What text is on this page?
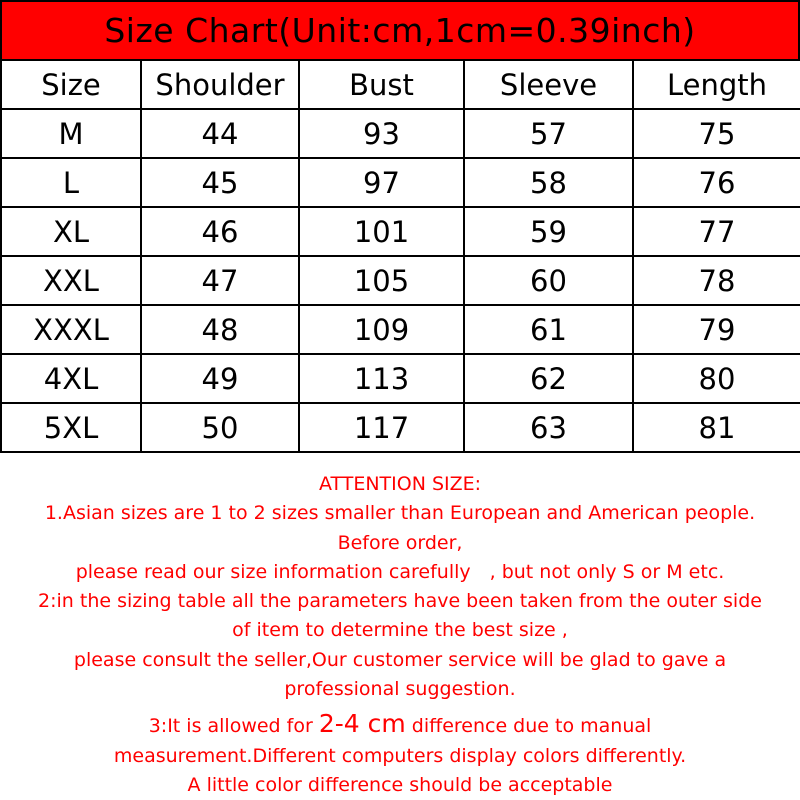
Size Chart(Unit:cm,1cm=0.39inch)
Size	Shoulder	Bust	Sleeve	Length
M	44	93	57	75
L	45	97	58	76
XL	46	101	59	77
XXL	47	105	60	78
XXXL	48	109	61	79
4XL	49	113	62	80
5XL	50	117	63	81
ATTENTION SIZE:
1.Asian sizes are 1 to 2 sizes smaller than European and American people.
Before order,
please read our size information carefully　, but not only S or M etc.
2:in the sizing table all the parameters have been taken from the outer side
of item to determine the best size ,
please consult the seller,Our customer service will be glad to gave a
professional suggestion.
3:It is allowed for 2-4 cm difference due to manual
measurement.Different computers display colors differently.
A little color difference should be acceptable
